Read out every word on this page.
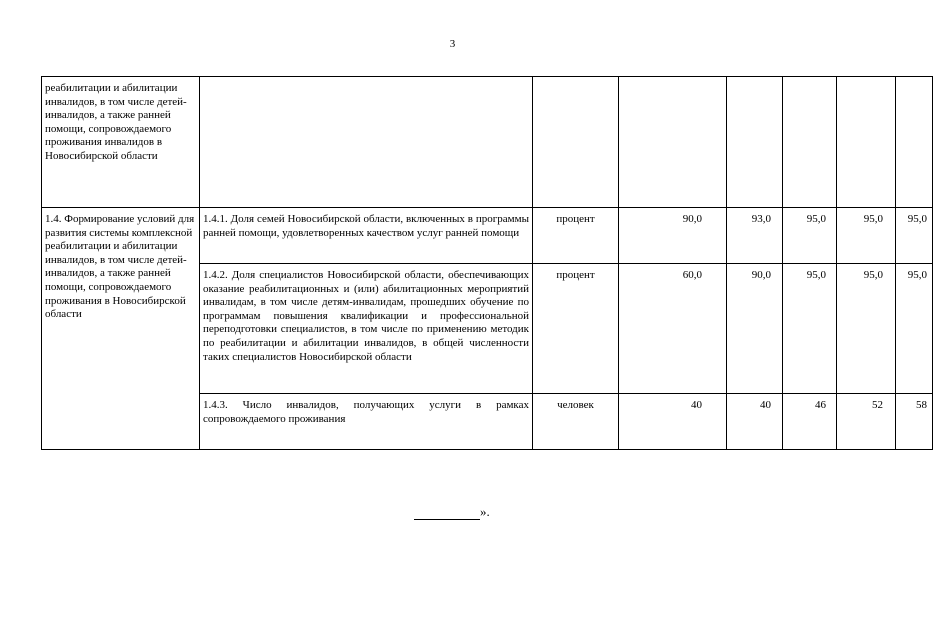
3
реабилитации и абилитации инвалидов, в том числе детей-инвалидов, а также ранней помощи, сопровождаемого проживания инвалидов в Новосибирской области							
1.4. Формирование условий для развития системы комплексной реабилитации и абилитации инвалидов, в том числе детей-инвалидов, а также ранней помощи, сопровождаемого проживания в Новосибирской области	1.4.1. Доля семей Новосибирской области, включенных в программы ранней помощи, удовлетворенных качеством услуг ранней помощи	процент	90,0	93,0	95,0	95,0	95,0
	1.4.2. Доля специалистов Новосибирской области, обеспечивающих оказание реабилитационных и (или) абилитационных мероприятий инвалидам, в том числе детям-инвалидам, прошедших обучение по программам повышения квалификации и профессиональной переподготовки специалистов, в том числе по применению методик по реабилитации и абилитации инвалидов, в общей численности таких специалистов Новосибирской области	процент	60,0	90,0	95,0	95,0	95,0
	1.4.3. Число инвалидов, получающих услуги в рамках сопровождаемого проживания	человек	40	40	46	52	58
».
